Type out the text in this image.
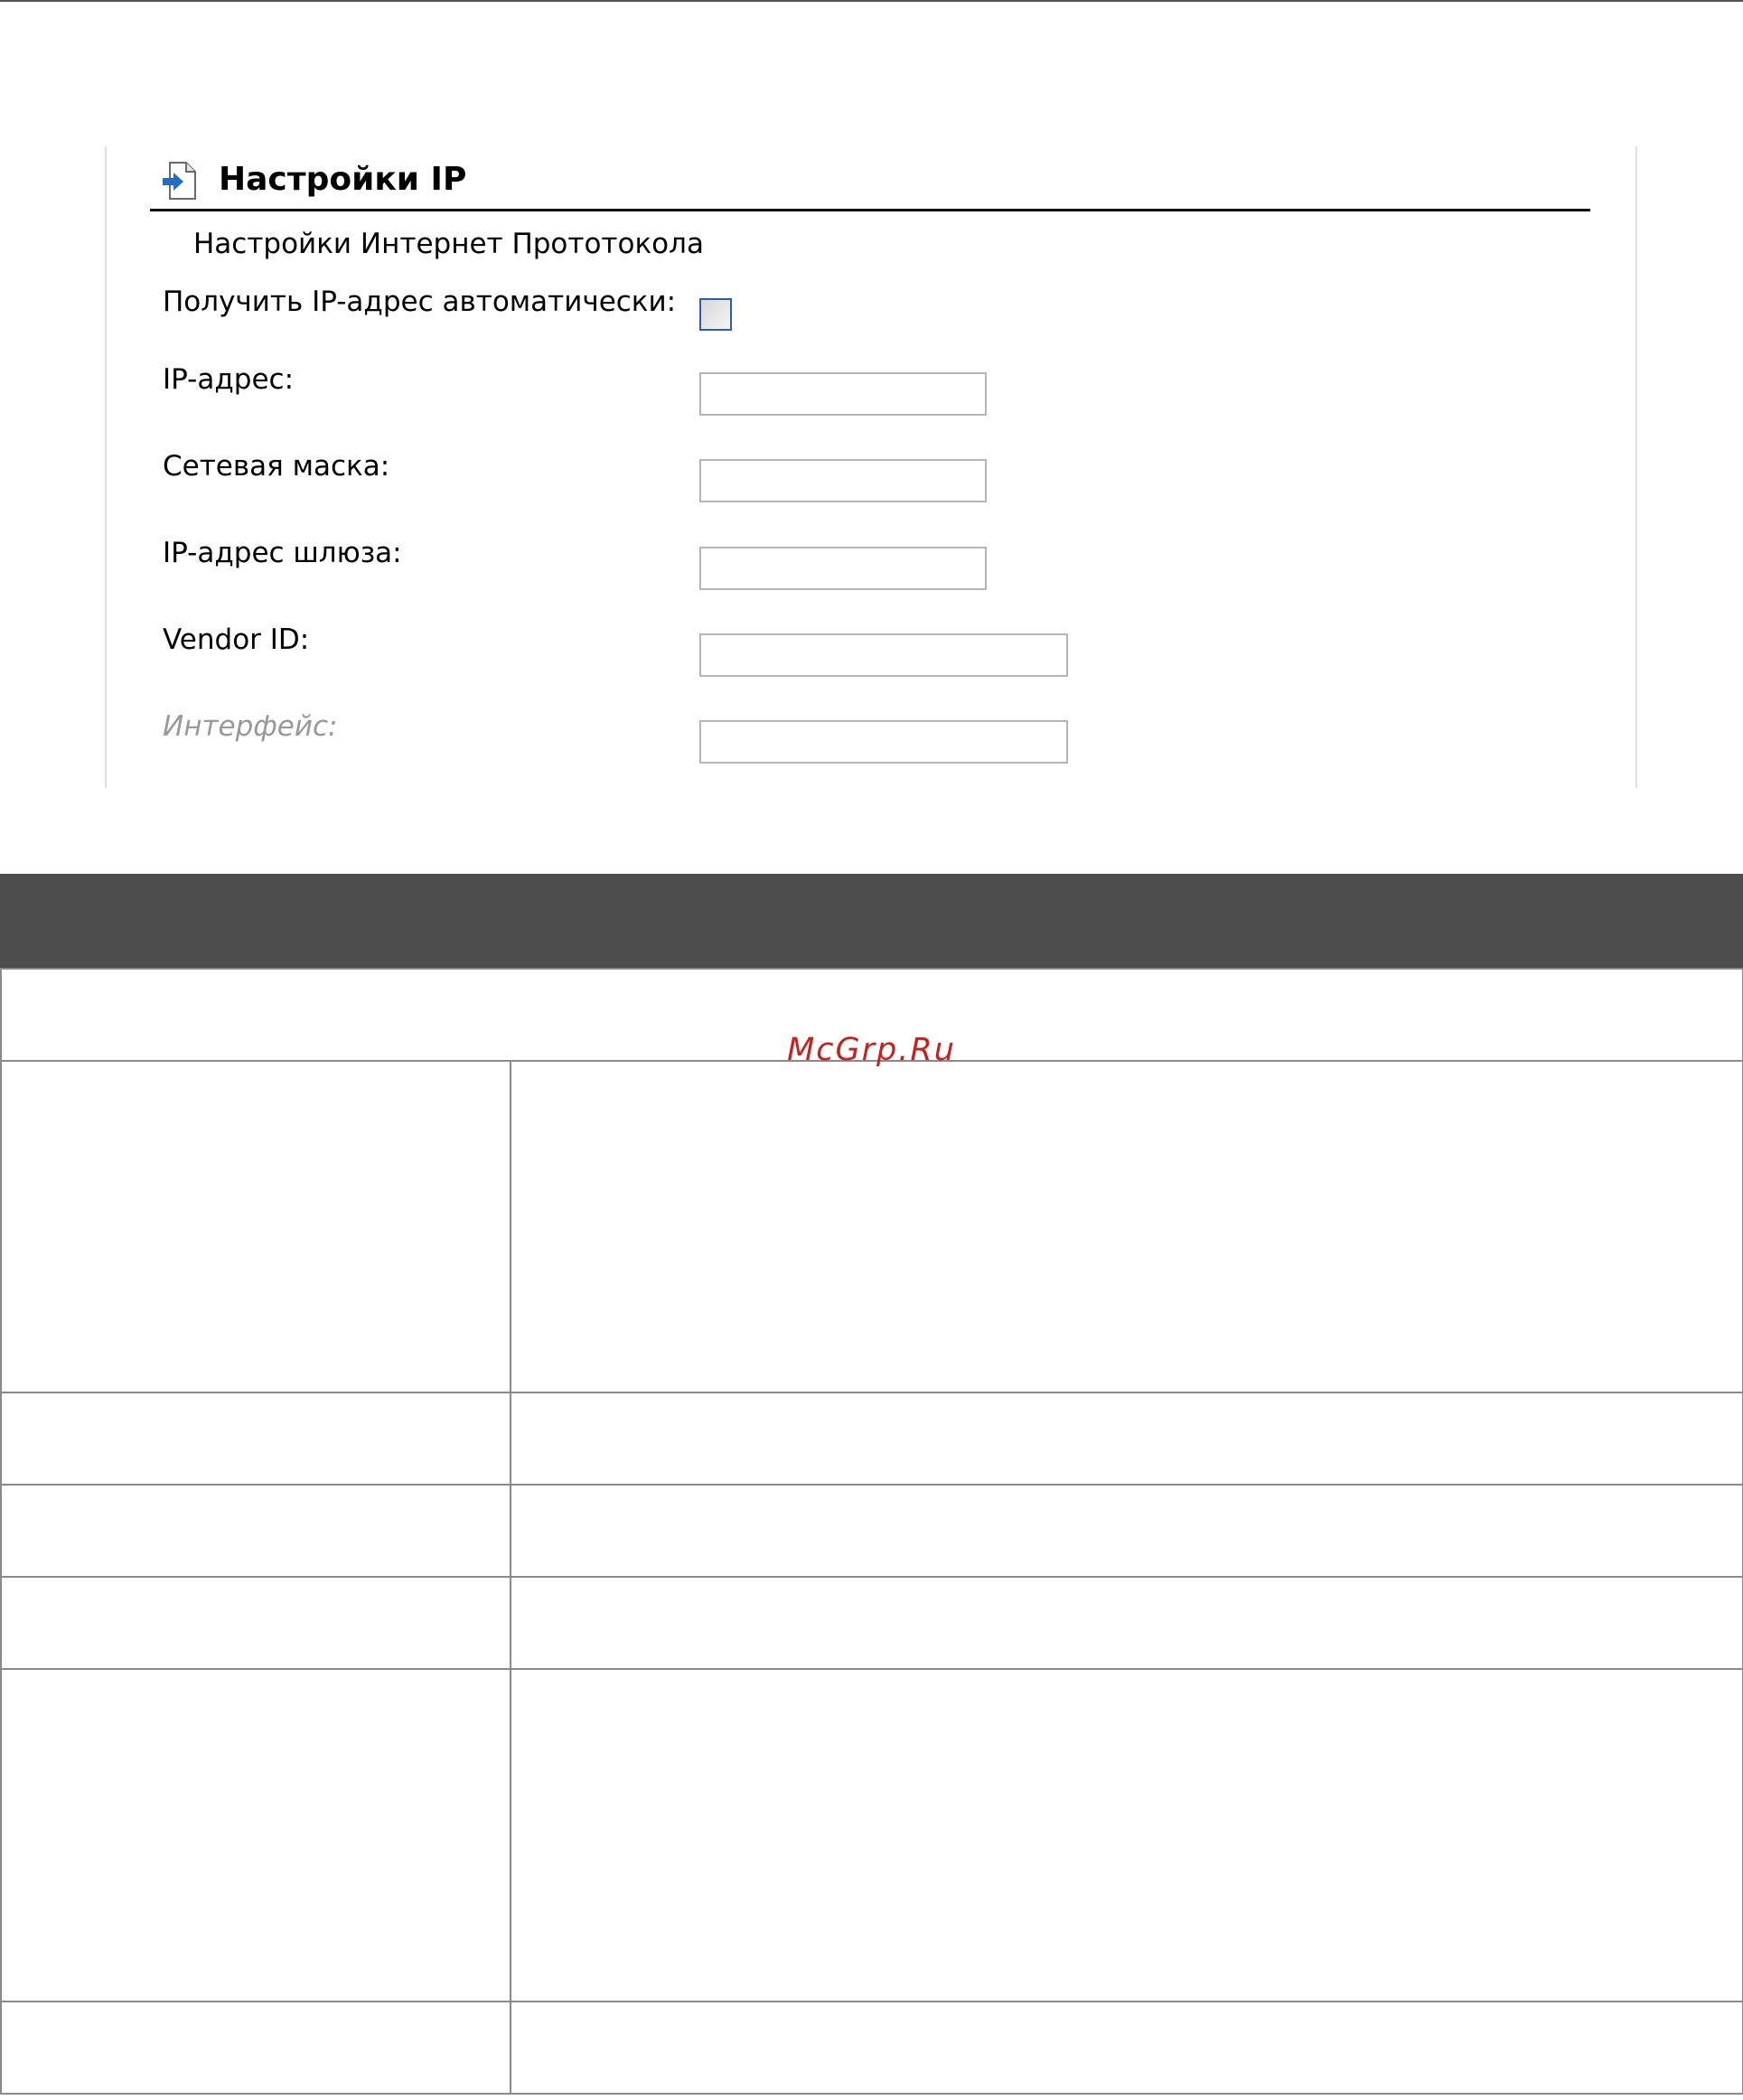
Настройки IP
Настройки Интернет Прототокола
Получить IP-адрес автоматически:
IP-адрес:
Сетевая маска:
IP-адрес шлюза:
Vendor ID:
Интерфейс:

McGrp.Ru
